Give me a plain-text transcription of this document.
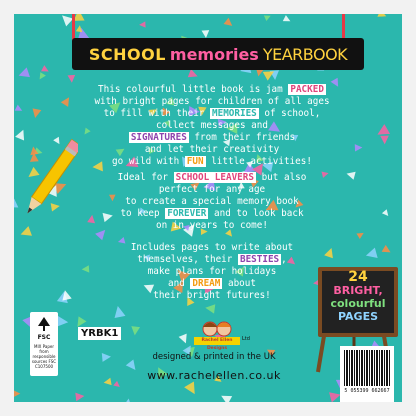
SCHOOL memories YEARBOOK
This colourful little book is jam PACKED
with bright pages for children of all ages
to fill with their MEMORIES of school,
collect messages and
SIGNATURES from their friends
and let their creativity
go wild with FUN little activities!
Ideal for SCHOOL LEAVERS but also
perfect for any age
to create a special memory book
to keep FOREVER and to look back
on in years to come!
Includes pages to write about
themselves, their BESTIES ,
make plans for holidays
and DREAM about
their bright futures!
24
BRIGHT,
colourful
PAGES
FSC
MIX Paper from responsible sources FSC C107500
YRBK1
Rachel Ellen Designs
Ltd
designed & printed in the UK
www.rachelellen.co.uk
5 055399 662667
